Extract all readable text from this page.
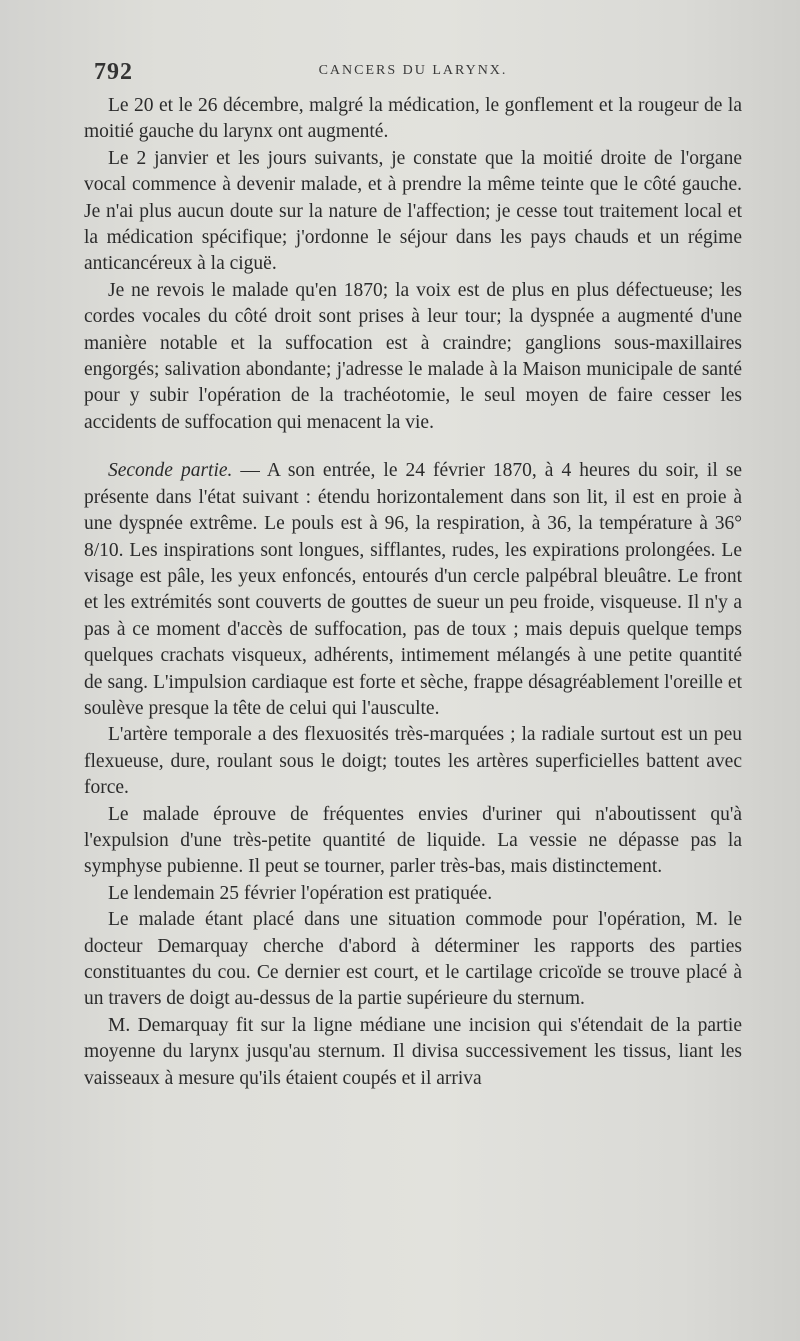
792	CANCERS DU LARYNX.

Le 20 et le 26 décembre, malgré la médication, le gonflement et la rougeur de la moitié gauche du larynx ont augmenté.

Le 2 janvier et les jours suivants, je constate que la moitié droite de l'organe vocal commence à devenir malade, et à prendre la même teinte que le côté gauche. Je n'ai plus aucun doute sur la nature de l'affection; je cesse tout traitement local et la médication spécifique; j'ordonne le séjour dans les pays chauds et un régime anticancéreux à la ciguë.

Je ne revois le malade qu'en 1870; la voix est de plus en plus défectueuse; les cordes vocales du côté droit sont prises à leur tour; la dyspnée a augmenté d'une manière notable et la suffocation est à craindre; ganglions sous-maxillaires engorgés; salivation abondante; j'adresse le malade à la Maison municipale de santé pour y subir l'opération de la trachéotomie, le seul moyen de faire cesser les accidents de suffocation qui menacent la vie.

Seconde partie. — A son entrée, le 24 février 1870, à 4 heures du soir, il se présente dans l'état suivant : étendu horizontalement dans son lit, il est en proie à une dyspnée extrême. Le pouls est à 96, la respiration, à 36, la température à 36° 8/10. Les inspirations sont longues, sifflantes, rudes, les expirations prolongées. Le visage est pâle, les yeux enfoncés, entourés d'un cercle palpébral bleuâtre. Le front et les extrémités sont couverts de gouttes de sueur un peu froide, visqueuse. Il n'y a pas à ce moment d'accès de suffocation, pas de toux ; mais depuis quelque temps quelques crachats visqueux, adhérents, intimement mélangés à une petite quantité de sang. L'impulsion cardiaque est forte et sèche, frappe désagréablement l'oreille et soulève presque la tête de celui qui l'ausculte.

L'artère temporale a des flexuosités très-marquées ; la radiale surtout est un peu flexueuse, dure, roulant sous le doigt; toutes les artères superficielles battent avec force.

Le malade éprouve de fréquentes envies d'uriner qui n'aboutissent qu'à l'expulsion d'une très-petite quantité de liquide. La vessie ne dépasse pas la symphyse pubienne. Il peut se tourner, parler très-bas, mais distinctement.

Le lendemain 25 février l'opération est pratiquée.

Le malade étant placé dans une situation commode pour l'opération, M. le docteur Demarquay cherche d'abord à déterminer les rapports des parties constituantes du cou. Ce dernier est court, et le cartilage cricoïde se trouve placé à un travers de doigt au-dessus de la partie supérieure du sternum.

M. Demarquay fit sur la ligne médiane une incision qui s'étendait de la partie moyenne du larynx jusqu'au sternum. Il divisa successivement les tissus, liant les vaisseaux à mesure qu'ils étaient coupés et il arriva
